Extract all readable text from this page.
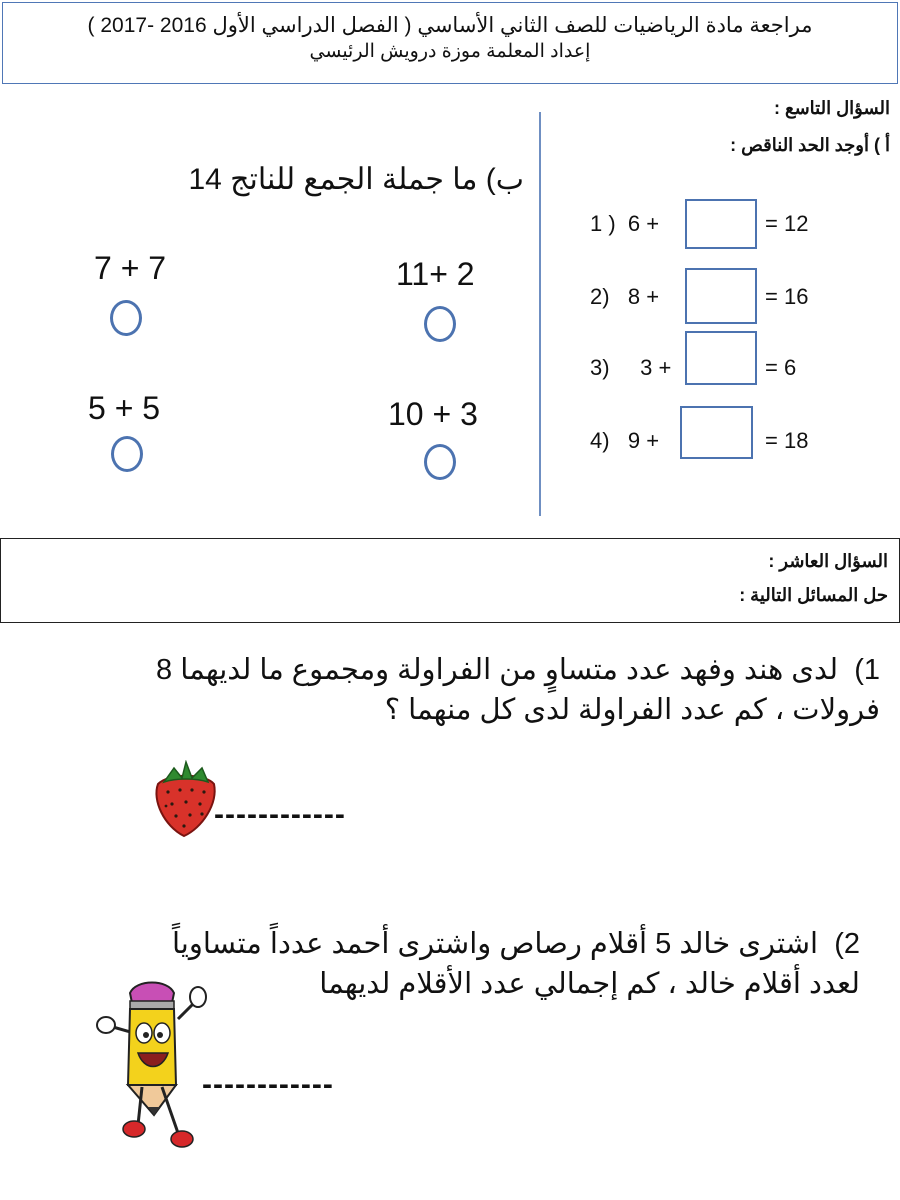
مراجعة مادة الرياضيات للصف الثاني الأساسي ( الفصل الدراسي الأول 2016 -2017 )
إعداد المعلمة موزة درويش الرئيسي
السؤال التاسع :
أ ) أوجد الحد الناقص :
1 ) 6 +	= 12
2) 8 +	= 16
3) 3 +	= 6
4) 9 +	= 18
ب) ما جملة الجمع للناتج 14
7 + 7	11+ 2
5 + 5	10 + 3
السؤال العاشر :
حل المسائل التالية :
1)  لدى هند وفهد عدد متساوٍ من الفراولة ومجموع ما لديهما 8
فرولات ، كم عدد الفراولة لدى كل منهما ؟
------------
2)  اشترى خالد 5 أقلام رصاص واشترى أحمد عدداً متساوياً
لعدد أقلام خالد ، كم إجمالي عدد الأقلام لديهما
------------
